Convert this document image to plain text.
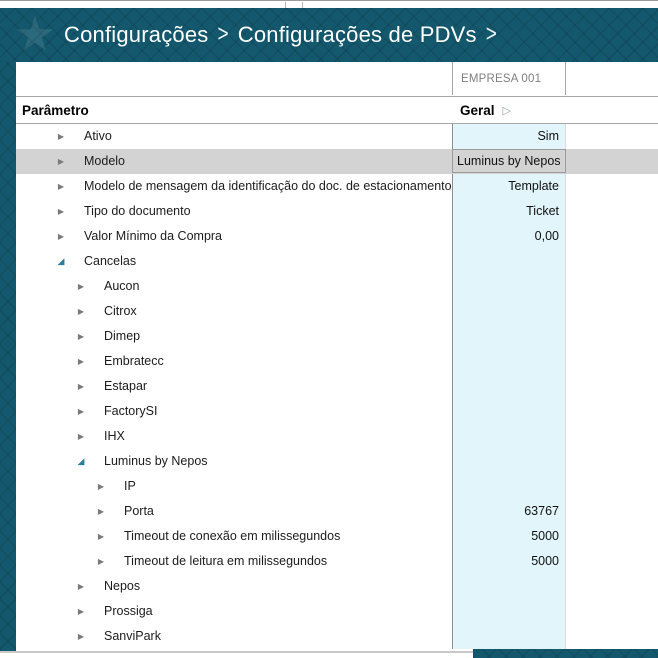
Configurações > Configurações de PDVs >
EMPRESA 001
Parâmetro	Geral ▷
▶ Ativo	Sim
▶ Modelo	Luminus by Nepos
▶ Modelo de mensagem da identificação do doc. de estacionamento	Template
▶ Tipo do documento	Ticket
▶ Valor Mínimo da Compra	0,00
◢ Cancelas
▶ Aucon
▶ Citrox
▶ Dimep
▶ Embratecc
▶ Estapar
▶ FactorySI
▶ IHX
◢ Luminus by Nepos
▶ IP
▶ Porta	63767
▶ Timeout de conexão em milissegundos	5000
▶ Timeout de leitura em milissegundos	5000
▶ Nepos
▶ Prossiga
▶ SanviPark
